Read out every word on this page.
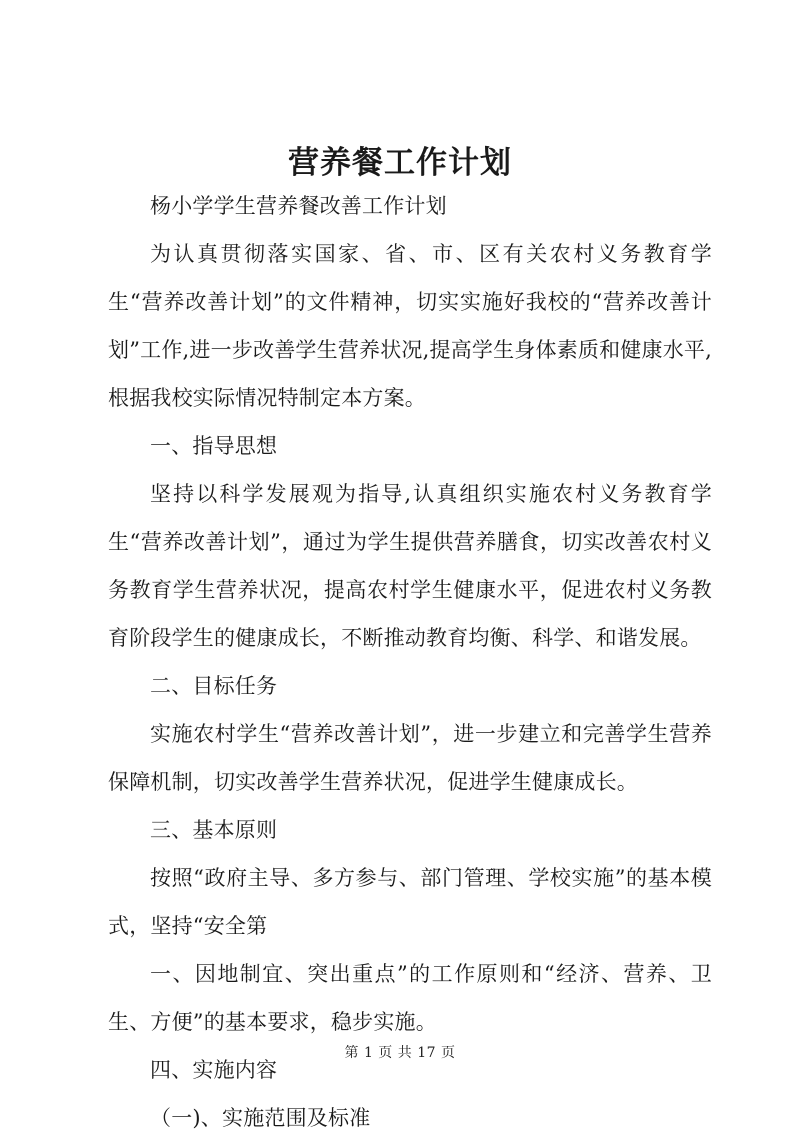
营养餐工作计划

杨小学学生营养餐改善工作计划

为认真贯彻落实国家、省、市、区有关农村义务教育学生“营养改善计划”的文件精神，切实实施好我校的“营养改善计划”工作,进一步改善学生营养状况,提高学生身体素质和健康水平,根据我校实际情况特制定本方案。

一、指导思想

坚持以科学发展观为指导,认真组织实施农村义务教育学生“营养改善计划”，通过为学生提供营养膳食，切实改善农村义务教育学生营养状况，提高农村学生健康水平，促进农村义务教育阶段学生的健康成长，不断推动教育均衡、科学、和谐发展。

二、目标任务

实施农村学生“营养改善计划”，进一步建立和完善学生营养保障机制，切实改善学生营养状况，促进学生健康成长。

三、基本原则

按照“政府主导、多方参与、部门管理、学校实施”的基本模式，坚持“安全第

一、因地制宜、突出重点”的工作原则和“经济、营养、卫生、方便”的基本要求，稳步实施。

四、实施内容

（一)、实施范围及标准

第 1 页 共 17 页
